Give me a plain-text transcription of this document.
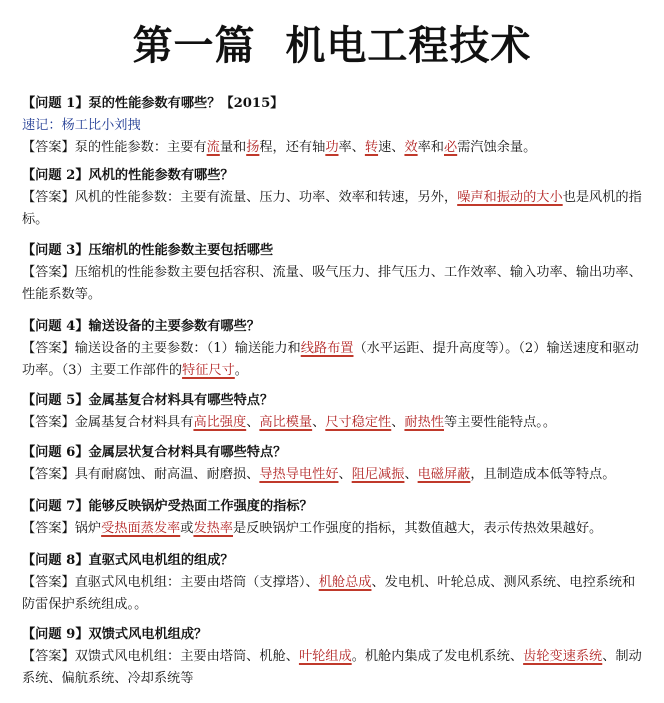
第一篇  机电工程技术
【问题 1】泵的性能参数有哪些？【2015】
速记：杨工比小刘拽
【答案】泵的性能参数：主要有流量和扬程，还有轴功率、转速、效率和必需汽蚀余量。
【问题 2】风机的性能参数有哪些？
【答案】风机的性能参数：主要有流量、压力、功率、效率和转速，另外，噪声和振动的大小也是风机的指标。
【问题 3】压缩机的性能参数主要包括哪些
【答案】压缩机的性能参数主要包括容积、流量、吸气压力、排气压力、工作效率、输入功率、输出功率、性能系数等。
【问题 4】输送设备的主要参数有哪些？
【答案】输送设备的主要参数：（1）输送能力和线路布置（水平运距、提升高度等）。（2）输送速度和驱动功率。（3）主要工作部件的特征尺寸。
【问题 5】金属基复合材料具有哪些特点？
【答案】金属基复合材料具有高比强度、高比模量、尺寸稳定性、耐热性等主要性能特点。。
【问题 6】金属层状复合材料具有哪些特点？
【答案】具有耐腐蚀、耐高温、耐磨损、导热导电性好、阻尼减振、电磁屏蔽，且制造成本低等特点。
【问题 7】能够反映锅炉受热面工作强度的指标？
【答案】锅炉受热面蒸发率或发热率是反映锅炉工作强度的指标，其数值越大，表示传热效果越好。
【问题 8】直驱式风电机组的组成？
【答案】直驱式风电机组：主要由塔筒（支撑塔）、机舱总成、发电机、叶轮总成、测风系统、电控系统和防雷保护系统组成。。
【问题 9】双馈式风电机组成？
【答案】双馈式风电机组：主要由塔筒、机舱、叶轮组成。机舱内集成了发电机系统、齿轮变速系统、制动系统、偏航系统、冷却系统等
